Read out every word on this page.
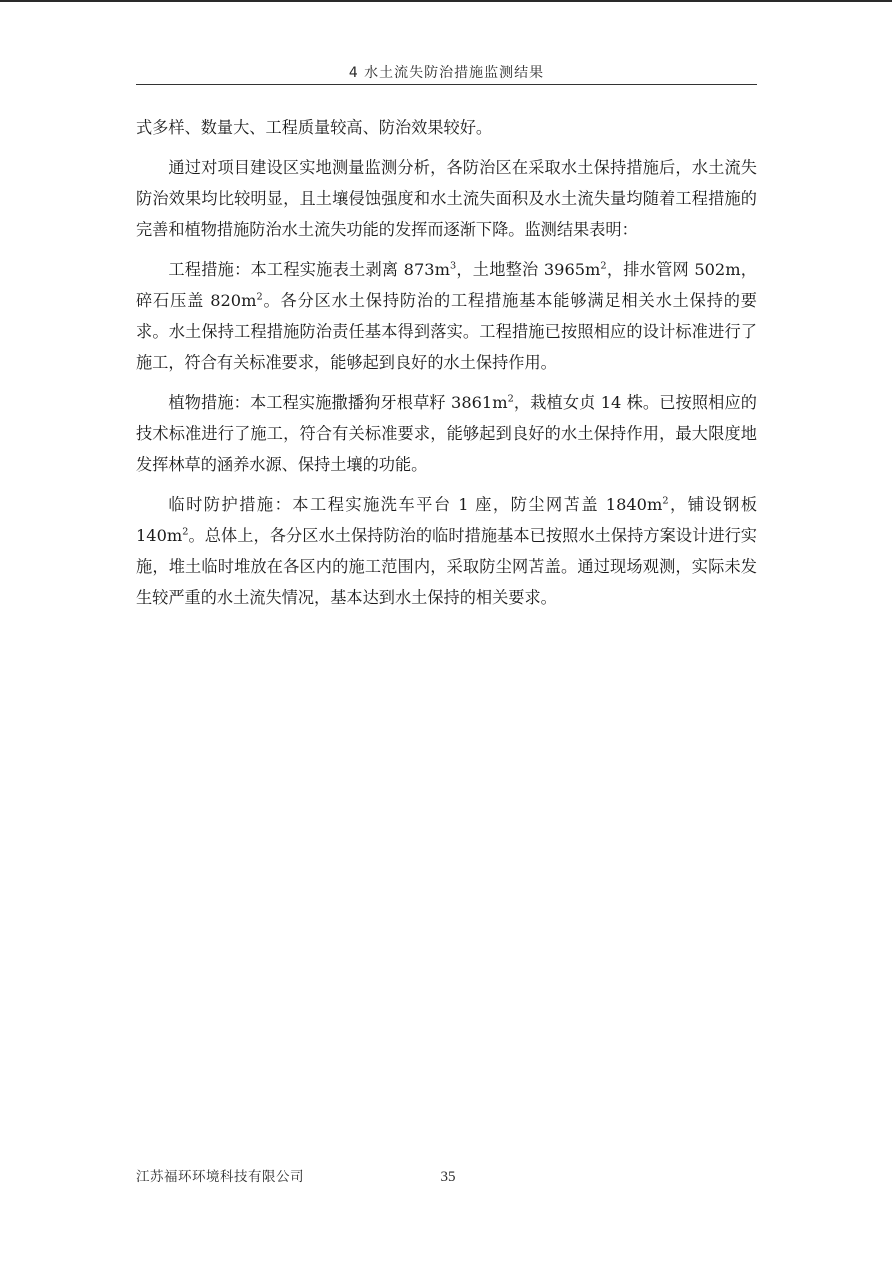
4 水土流失防治措施监测结果

式多样、数量大、工程质量较高、防治效果较好。

通过对项目建设区实地测量监测分析，各防治区在采取水土保持措施后，水土流失防治效果均比较明显，且土壤侵蚀强度和水土流失面积及水土流失量均随着工程措施的完善和植物措施防治水土流失功能的发挥而逐渐下降。监测结果表明：

工程措施：本工程实施表土剥离 $873m^3$，土地整治 $3965m^2$，排水管网 502m，碎石压盖 $820m^2$。各分区水土保持防治的工程措施基本能够满足相关水土保持的要求。水土保持工程措施防治责任基本得到落实。工程措施已按照相应的设计标准进行了施工，符合有关标准要求，能够起到良好的水土保持作用。

植物措施：本工程实施撒播狗牙根草籽 $3861m^2$，栽植女贞 14 株。已按照相应的技术标准进行了施工，符合有关标准要求，能够起到良好的水土保持作用，最大限度地发挥林草的涵养水源、保持土壤的功能。

临时防护措施：本工程实施洗车平台 1 座，防尘网苫盖 $1840m^2$，铺设钢板 $140m^2$。总体上，各分区水土保持防治的临时措施基本已按照水土保持方案设计进行实施，堆土临时堆放在各区内的施工范围内，采取防尘网苫盖。通过现场观测，实际未发生较严重的水土流失情况，基本达到水土保持的相关要求。

江苏福环环境科技有限公司	35
